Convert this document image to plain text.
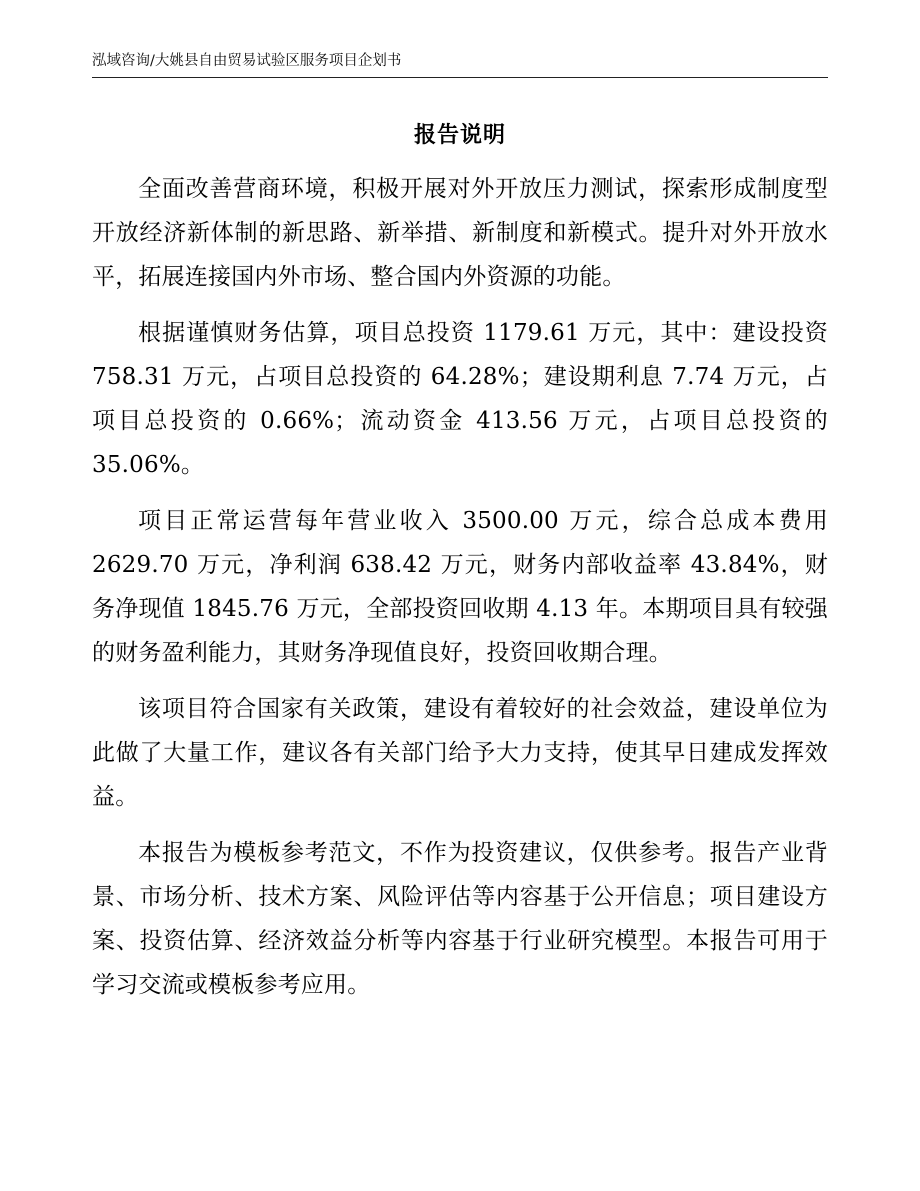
泓域咨询/大姚县自由贸易试验区服务项目企划书
报告说明

全面改善营商环境，积极开展对外开放压力测试，探索形成制度型开放经济新体制的新思路、新举措、新制度和新模式。提升对外开放水平，拓展连接国内外市场、整合国内外资源的功能。

根据谨慎财务估算，项目总投资 1179.61 万元，其中：建设投资 758.31 万元，占项目总投资的 64.28%；建设期利息 7.74 万元，占项目总投资的 0.66%；流动资金 413.56 万元，占项目总投资的 35.06%。

项目正常运营每年营业收入 3500.00 万元，综合总成本费用 2629.70 万元，净利润 638.42 万元，财务内部收益率 43.84%，财务净现值 1845.76 万元，全部投资回收期 4.13 年。本期项目具有较强的财务盈利能力，其财务净现值良好，投资回收期合理。

该项目符合国家有关政策，建设有着较好的社会效益，建设单位为此做了大量工作，建议各有关部门给予大力支持，使其早日建成发挥效益。

本报告为模板参考范文，不作为投资建议，仅供参考。报告产业背景、市场分析、技术方案、风险评估等内容基于公开信息；项目建设方案、投资估算、经济效益分析等内容基于行业研究模型。本报告可用于学习交流或模板参考应用。
